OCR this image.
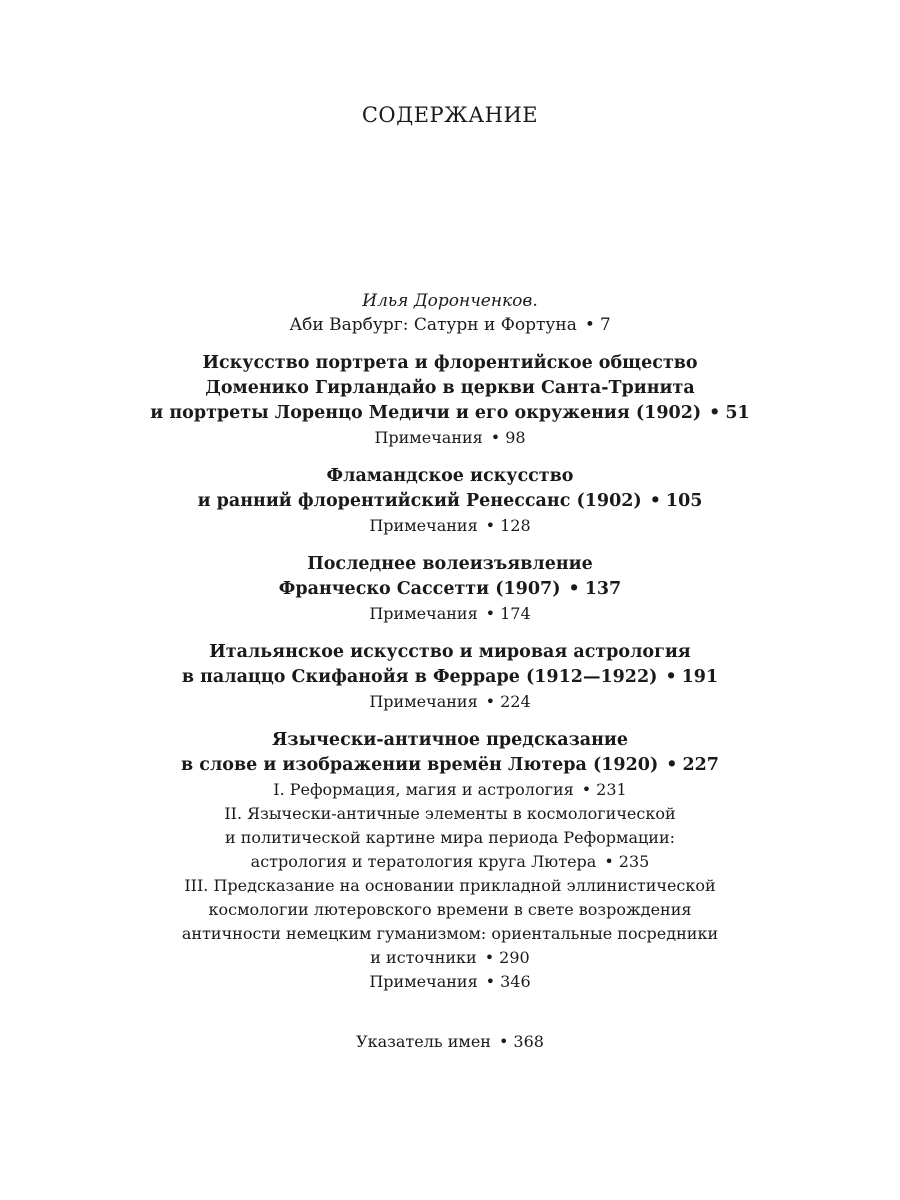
СОДЕРЖАНИЕ
Илья Доронченков.
Аби Варбург: Сатурн и Фортуна • 7
Искусство портрета и флорентийское общество
Доменико Гирландайо в церкви Санта-Тринита
и портреты Лоренцо Медичи и его окружения (1902) • 51
Примечания • 98
Фламандское искусство
и ранний флорентийский Ренессанс (1902) • 105
Примечания • 128
Последнее волеизъявление
Франческо Сассетти (1907) • 137
Примечания • 174
Итальянское искусство и мировая астрология
в палаццо Скифанойя в Ферраре (1912—1922) • 191
Примечания • 224
Язычески-античное предсказание
в слове и изображении времён Лютера (1920) • 227
I. Реформация, магия и астрология • 231
II. Язычески-античные элементы в космологической
и политической картине мира периода Реформации:
астрология и тератология круга Лютера • 235
III. Предсказание на основании прикладной эллинистической
космологии лютеровского времени в свете возрождения
античности немецким гуманизмом: ориентальные посредники
и источники • 290
Примечания • 346
Указатель имен • 368
